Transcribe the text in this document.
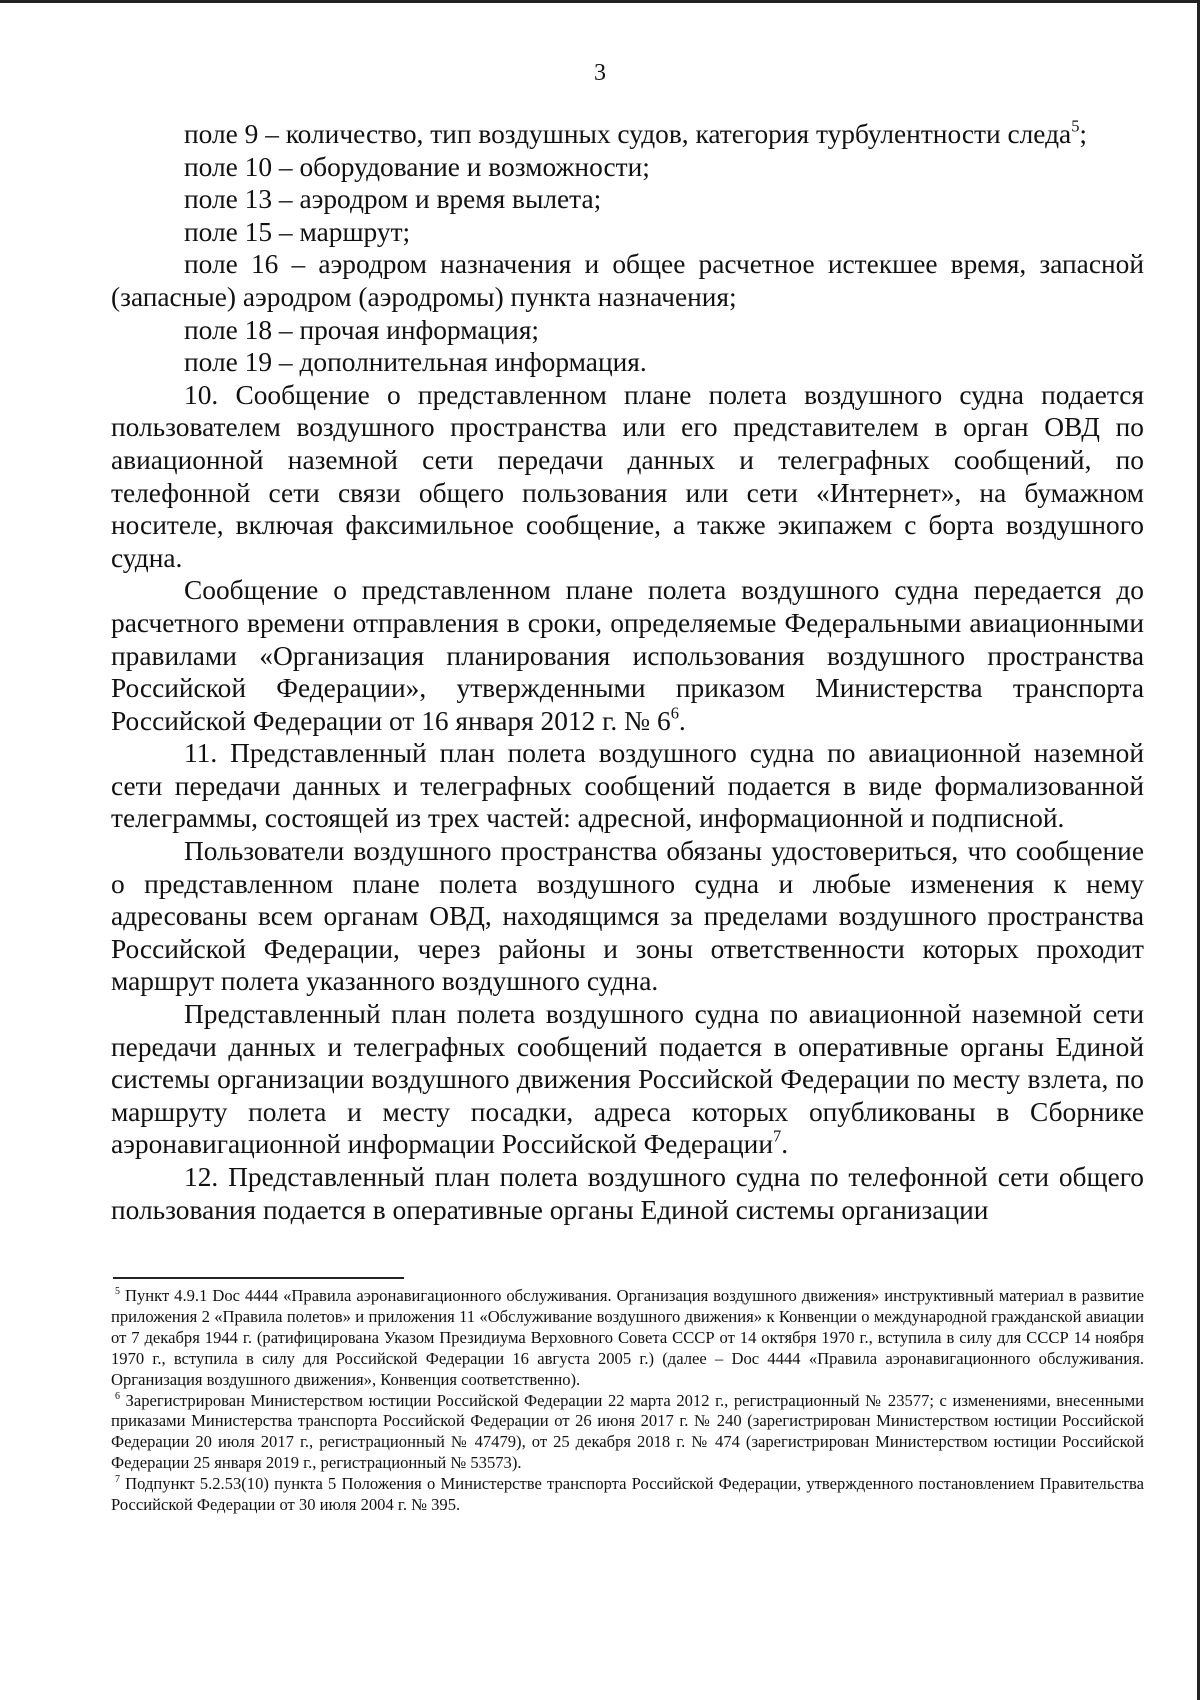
3

поле 9 – количество, тип воздушных судов, категория турбулентности следа$^5$;

поле 10 – оборудование и возможности;

поле 13 – аэродром и время вылета;

поле 15 – маршрут;

поле 16 – аэродром назначения и общее расчетное истекшее время, запасной (запасные) аэродром (аэродромы) пункта назначения;

поле 18 – прочая информация;

поле 19 – дополнительная информация.

10. Сообщение о представленном плане полета воздушного судна подается пользователем воздушного пространства или его представителем в орган ОВД по авиационной наземной сети передачи данных и телеграфных сообщений, по телефонной сети связи общего пользования или сети «Интернет», на бумажном носителе, включая факсимильное сообщение, а также экипажем с борта воздушного судна.

Сообщение о представленном плане полета воздушного судна передается до расчетного времени отправления в сроки, определяемые Федеральными авиационными правилами «Организация планирования использования воздушного пространства Российской Федерации», утвержденными приказом Министерства транспорта Российской Федерации от 16 января 2012 г. № $6^6$.

11. Представленный план полета воздушного судна по авиационной наземной сети передачи данных и телеграфных сообщений подается в виде формализованной телеграммы, состоящей из трех частей: адресной, информационной и подписной.

Пользователи воздушного пространства обязаны удостовериться, что сообщение о представленном плане полета воздушного судна и любые изменения к нему адресованы всем органам ОВД, находящимся за пределами воздушного пространства Российской Федерации, через районы и зоны ответственности которых проходит маршрут полета указанного воздушного судна.

Представленный план полета воздушного судна по авиационной наземной сети передачи данных и телеграфных сообщений подается в оперативные органы Единой системы организации воздушного движения Российской Федерации по месту взлета, по маршруту полета и месту посадки, адреса которых опубликованы в Сборнике аэронавигационной информации Российской Федерации$^7$.

12. Представленный план полета воздушного судна по телефонной сети общего пользования подается в оперативные органы Единой системы организации

$^5$ Пункт 4.9.1 Doc 4444 «Правила аэронавигационного обслуживания. Организация воздушного движения» инструктивный материал в развитие приложения 2 «Правила полетов» и приложения 11 «Обслуживание воздушного движения» к Конвенции о международной гражданской авиации от 7 декабря 1944 г. (ратифицирована Указом Президиума Верховного Совета СССР от 14 октября 1970 г., вступила в силу для СССР 14 ноября 1970 г., вступила в силу для Российской Федерации 16 августа 2005 г.) (далее – Doc 4444 «Правила аэронавигационного обслуживания. Организация воздушного движения», Конвенция соответственно).

$^6$ Зарегистрирован Министерством юстиции Российской Федерации 22 марта 2012 г., регистрационный № 23577; с изменениями, внесенными приказами Министерства транспорта Российской Федерации от 26 июня 2017 г. № 240 (зарегистрирован Министерством юстиции Российской Федерации 20 июля 2017 г., регистрационный № 47479), от 25 декабря 2018 г. № 474 (зарегистрирован Министерством юстиции Российской Федерации 25 января 2019 г., регистрационный № 53573).

$^7$ Подпункт 5.2.53(10) пункта 5 Положения о Министерстве транспорта Российской Федерации, утвержденного постановлением Правительства Российской Федерации от 30 июля 2004 г. № 395.
